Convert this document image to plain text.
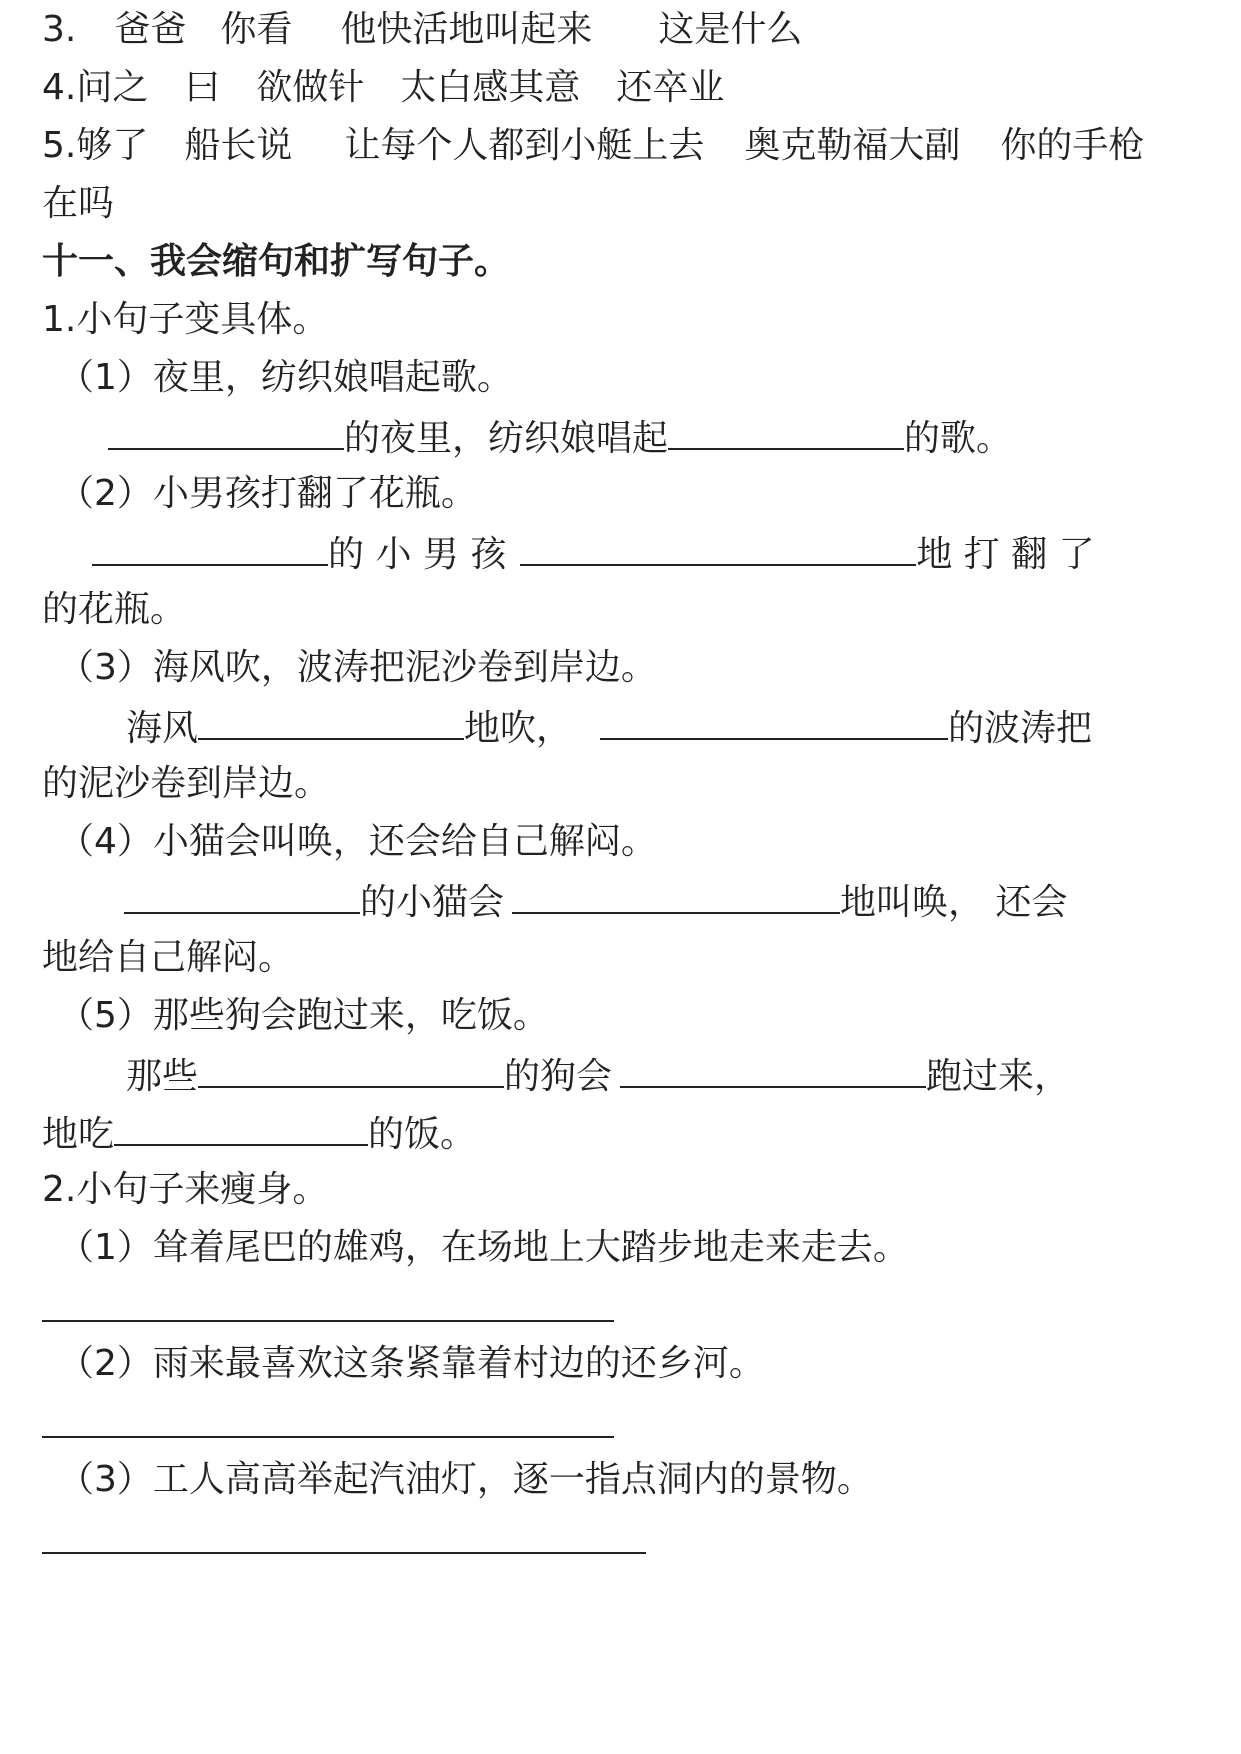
3. 爸爸 你看 他快活地叫起来 这是什么
4.问之 曰 欲做针 太白感其意 还卒业
5.够了 船长说 让每个人都到小艇上去 奥克勒福大副 你的手枪
在吗
十一、我会缩句和扩写句子。
1.小句子变具体。
（1）夜里，纺织娘唱起歌。
的夜里，纺织娘唱起	的歌。
（2）小男孩打翻了花瓶。
的 小 男 孩	地 打 翻 了
的花瓶。
（3）海风吹，波涛把泥沙卷到岸边。
海风	地吹，	的波涛把
的泥沙卷到岸边。
（4）小猫会叫唤，还会给自己解闷。
的小猫会	地叫唤， 还会
地给自己解闷。
（5）那些狗会跑过来，吃饭。
那些	的狗会	跑过来，
地吃	的饭。
2.小句子来瘦身。
（1）耸着尾巴的雄鸡，在场地上大踏步地走来走去。
（2）雨来最喜欢这条紧靠着村边的还乡河。
（3）工人高高举起汽油灯，逐一指点洞内的景物。
